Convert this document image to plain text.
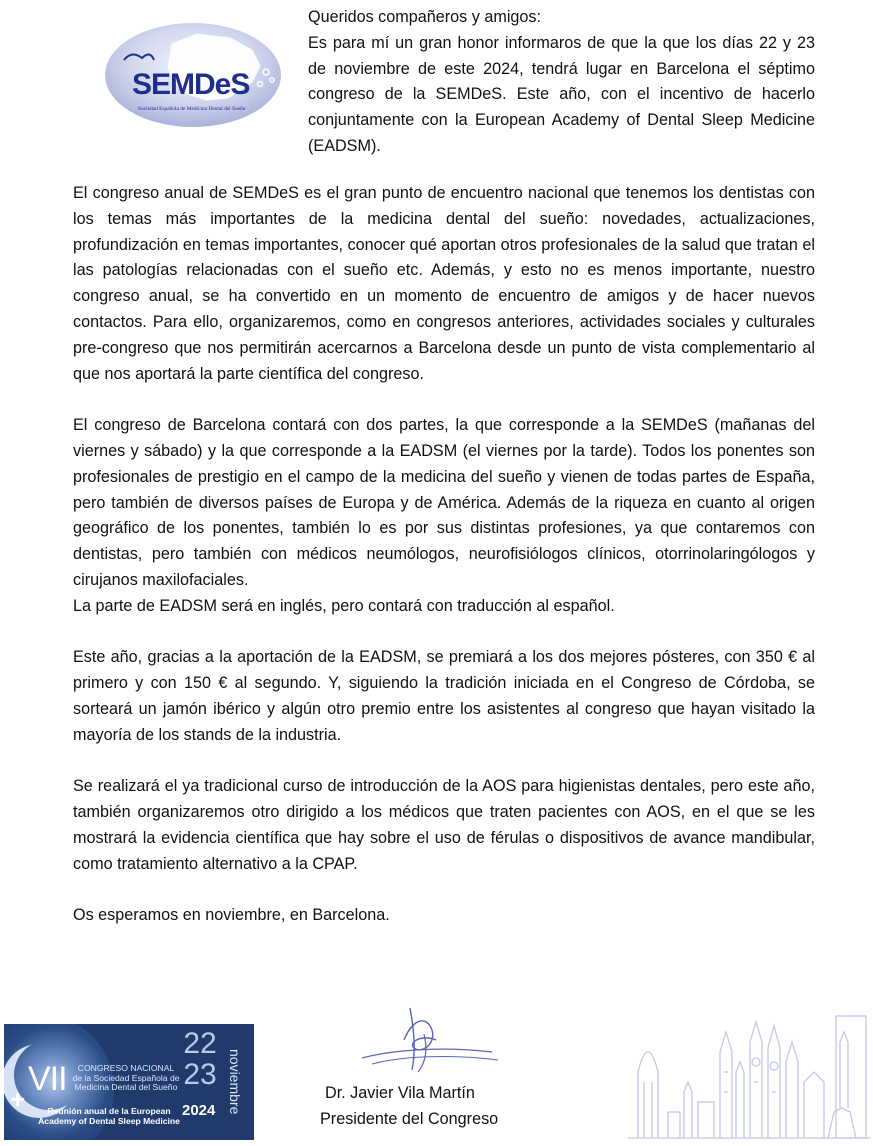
SEMDeS
Sociedad Española de Medicina Dental del Sueño

Queridos compañeros y amigos:

Es para mí un gran honor informaros de que la que los días 22 y 23 de noviembre de este 2024, tendrá lugar en Barcelona el séptimo congreso de la SEMDeS. Este año, con el incentivo de hacerlo conjuntamente con la European Academy of Dental Sleep Medicine (EADSM).

El congreso anual de SEMDeS es el gran punto de encuentro nacional que tenemos los dentistas con los temas más importantes de la medicina dental del sueño: novedades, actualizaciones, profundización en temas importantes, conocer qué aportan otros profesionales de la salud que tratan el las patologías relacionadas con el sueño etc. Además, y esto no es menos importante, nuestro congreso anual, se ha convertido en un momento de encuentro de amigos y de hacer nuevos contactos. Para ello, organizaremos, como en congresos anteriores, actividades sociales y culturales pre-congreso que nos permitirán acercarnos a Barcelona desde un punto de vista complementario al que nos aportará la parte científica del congreso.

El congreso de Barcelona contará con dos partes, la que corresponde a la SEMDeS (mañanas del viernes y sábado) y la que corresponde a la EADSM (el viernes por la tarde). Todos los ponentes son profesionales de prestigio en el campo de la medicina del sueño y vienen de todas partes de España, pero también de diversos países de Europa y de América. Además de la riqueza en cuanto al origen geográfico de los ponentes, también lo es por sus distintas profesiones, ya que contaremos con dentistas, pero también con médicos neumólogos, neurofisiólogos clínicos, otorrinolaringólogos y cirujanos maxilofaciales.

La parte de EADSM será en inglés, pero contará con traducción al español.

Este año, gracias a la aportación de la EADSM, se premiará a los dos mejores pósteres, con 350 € al primero y con 150 € al segundo. Y, siguiendo la tradición iniciada en el Congreso de Córdoba, se sorteará un jamón ibérico y algún otro premio entre los asistentes al congreso que hayan visitado la mayoría de los stands de la industria.

Se realizará el ya tradicional curso de introducción de la AOS para higienistas dentales, pero este año, también organizaremos otro dirigido a los médicos que traten pacientes con AOS, en el que se les mostrará la evidencia científica que hay sobre el uso de férulas o dispositivos de avance mandibular, como tratamiento alternativo a la CPAP.

Os esperamos en noviembre, en Barcelona.

+
VII	CONGRESO NACIONAL
de la Sociedad Española de
Medicina Dental del Sueño
Reunión anual de la European
Academy of Dental Sleep Medicine
22
23
2024 noviembre	Dr. Javier Vila Martín
Presidente del Congreso
